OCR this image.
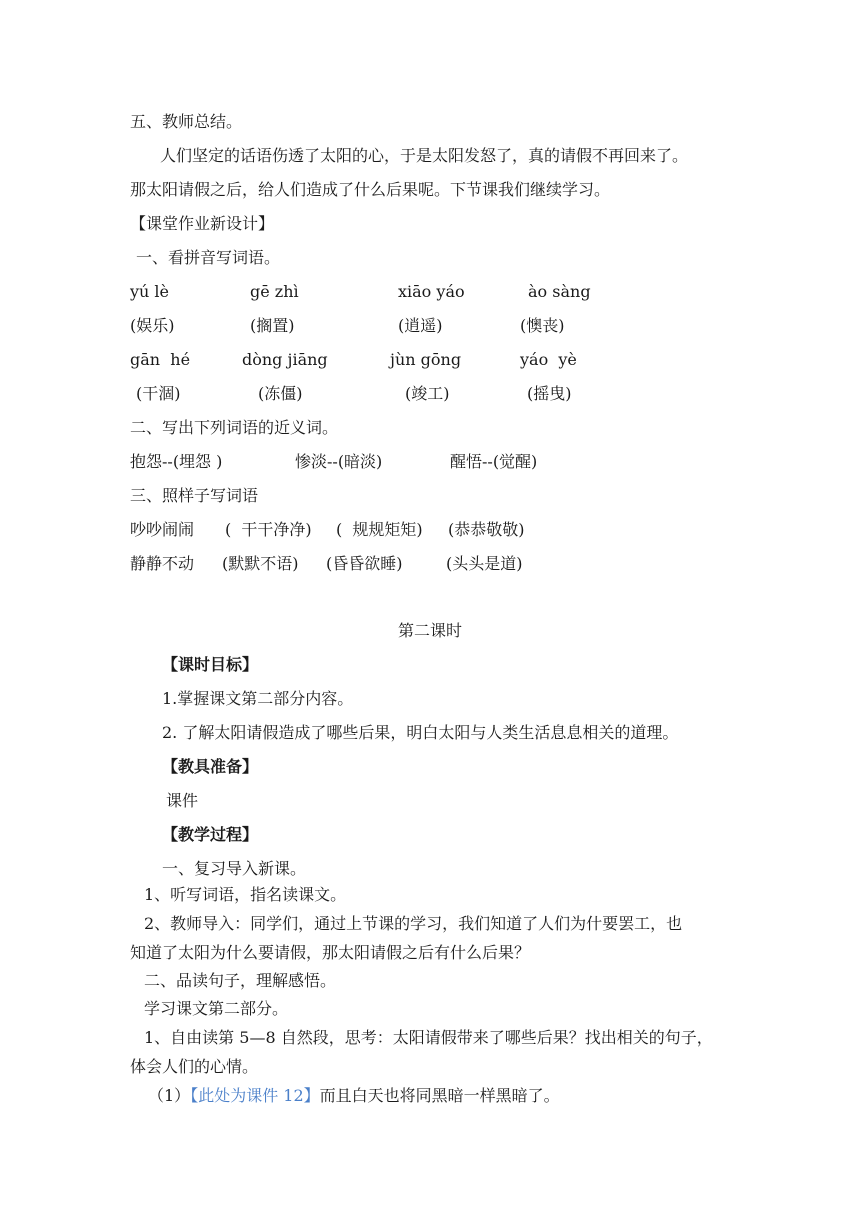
五、教师总结。
人们坚定的话语伤透了太阳的心，于是太阳发怒了，真的请假不再回来了。
那太阳请假之后，给人们造成了什么后果呢。下节课我们继续学习。
【课堂作业新设计】
一、看拼音写词语。
yú lè	gē zhì	xiāo yáo	ào sàng
(娱乐)	(搁置)	(逍遥)	(懊丧)
gān  hé	dòng jiāng	jùn gōng	yáo  yè
(干涸)	(冻僵)	(竣工)	(摇曳)
二、写出下列词语的近义词。
抱怨--(埋怨 )	惨淡--(暗淡)	醒悟--(觉醒)
三、照样子写词语
吵吵闹闹 (  干干净净) (  规规矩矩) (恭恭敬敬)
静静不动 (默默不语) (昏昏欲睡)	(头头是道)
第二课时
【课时目标】
1.掌握课文第二部分内容。
2. 了解太阳请假造成了哪些后果，明白太阳与人类生活息息相关的道理。
【教具准备】
课件
【教学过程】
一、复习导入新课。
1、听写词语，指名读课文。
2、教师导入：同学们，通过上节课的学习，我们知道了人们为什要罢工，也
知道了太阳为什么要请假，那太阳请假之后有什么后果？
二、品读句子，理解感悟。
学习课文第二部分。
1、自由读第 5—8 自然段，思考：太阳请假带来了哪些后果？找出相关的句子，
体会人们的心情。
（1）【此处为课件 12】而且白天也将同黑暗一样黑暗了。
